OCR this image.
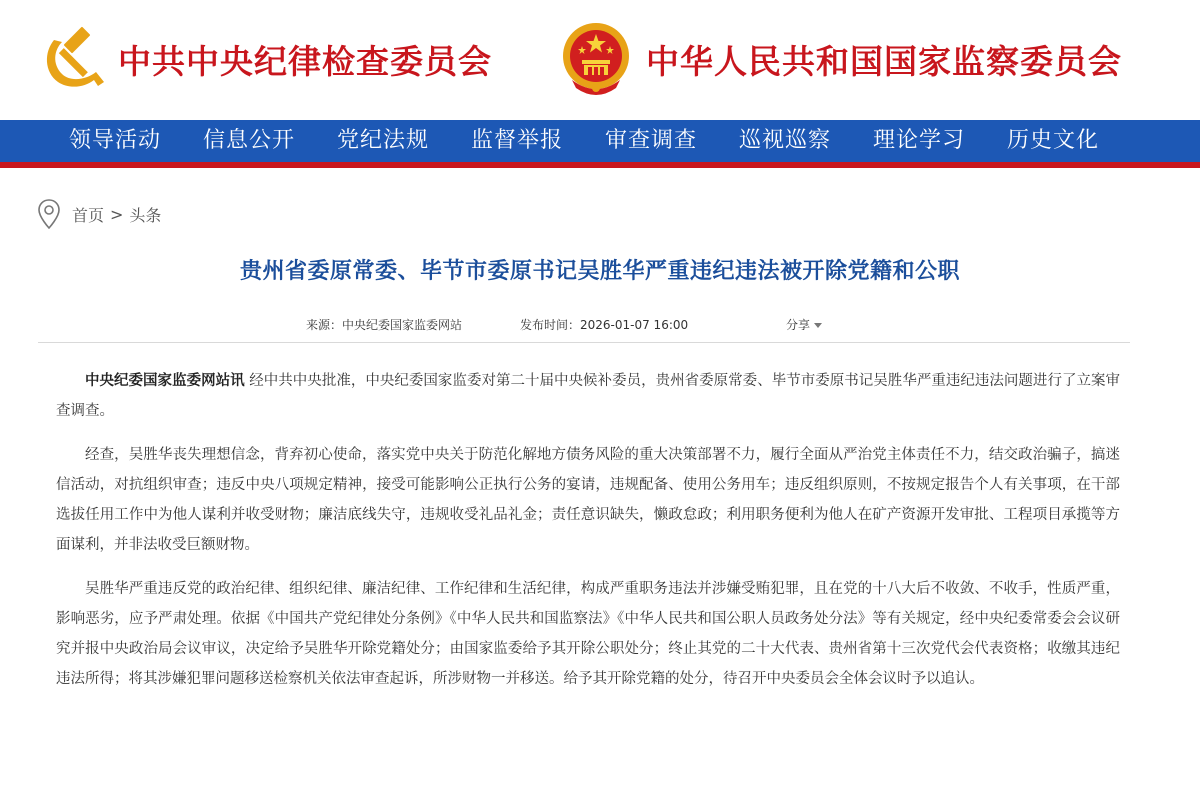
中共中央纪律检查委员会	中华人民共和国国家监察委员会
领导活动	信息公开	党纪法规	监督举报	审查调查	巡视巡察	理论学习	历史文化
首页 > 头条
贵州省委原常委、毕节市委原书记吴胜华严重违纪违法被开除党籍和公职
来源：中央纪委国家监委网站	发布时间：2026-01-07 16:00	分享

中央纪委国家监委网站讯 经中共中央批准，中央纪委国家监委对第二十届中央候补委员，贵州省委原常委、毕节市委原书记吴胜华严重违纪违法问题进行了立案审查调查。

经查，吴胜华丧失理想信念，背弃初心使命，落实党中央关于防范化解地方债务风险的重大决策部署不力，履行全面从严治党主体责任不力，结交政治骗子，搞迷信活动，对抗组织审查；违反中央八项规定精神，接受可能影响公正执行公务的宴请，违规配备、使用公务用车；违反组织原则，不按规定报告个人有关事项，在干部选拔任用工作中为他人谋利并收受财物；廉洁底线失守，违规收受礼品礼金；责任意识缺失，懒政怠政；利用职务便利为他人在矿产资源开发审批、工程项目承揽等方面谋利，并非法收受巨额财物。

吴胜华严重违反党的政治纪律、组织纪律、廉洁纪律、工作纪律和生活纪律，构成严重职务违法并涉嫌受贿犯罪，且在党的十八大后不收敛、不收手，性质严重，影响恶劣，应予严肃处理。依据《中国共产党纪律处分条例》《中华人民共和国监察法》《中华人民共和国公职人员政务处分法》等有关规定，经中央纪委常委会会议研究并报中央政治局会议审议，决定给予吴胜华开除党籍处分；由国家监委给予其开除公职处分；终止其党的二十大代表、贵州省第十三次党代会代表资格；收缴其违纪违法所得；将其涉嫌犯罪问题移送检察机关依法审查起诉，所涉财物一并移送。给予其开除党籍的处分，待召开中央委员会全体会议时予以追认。
